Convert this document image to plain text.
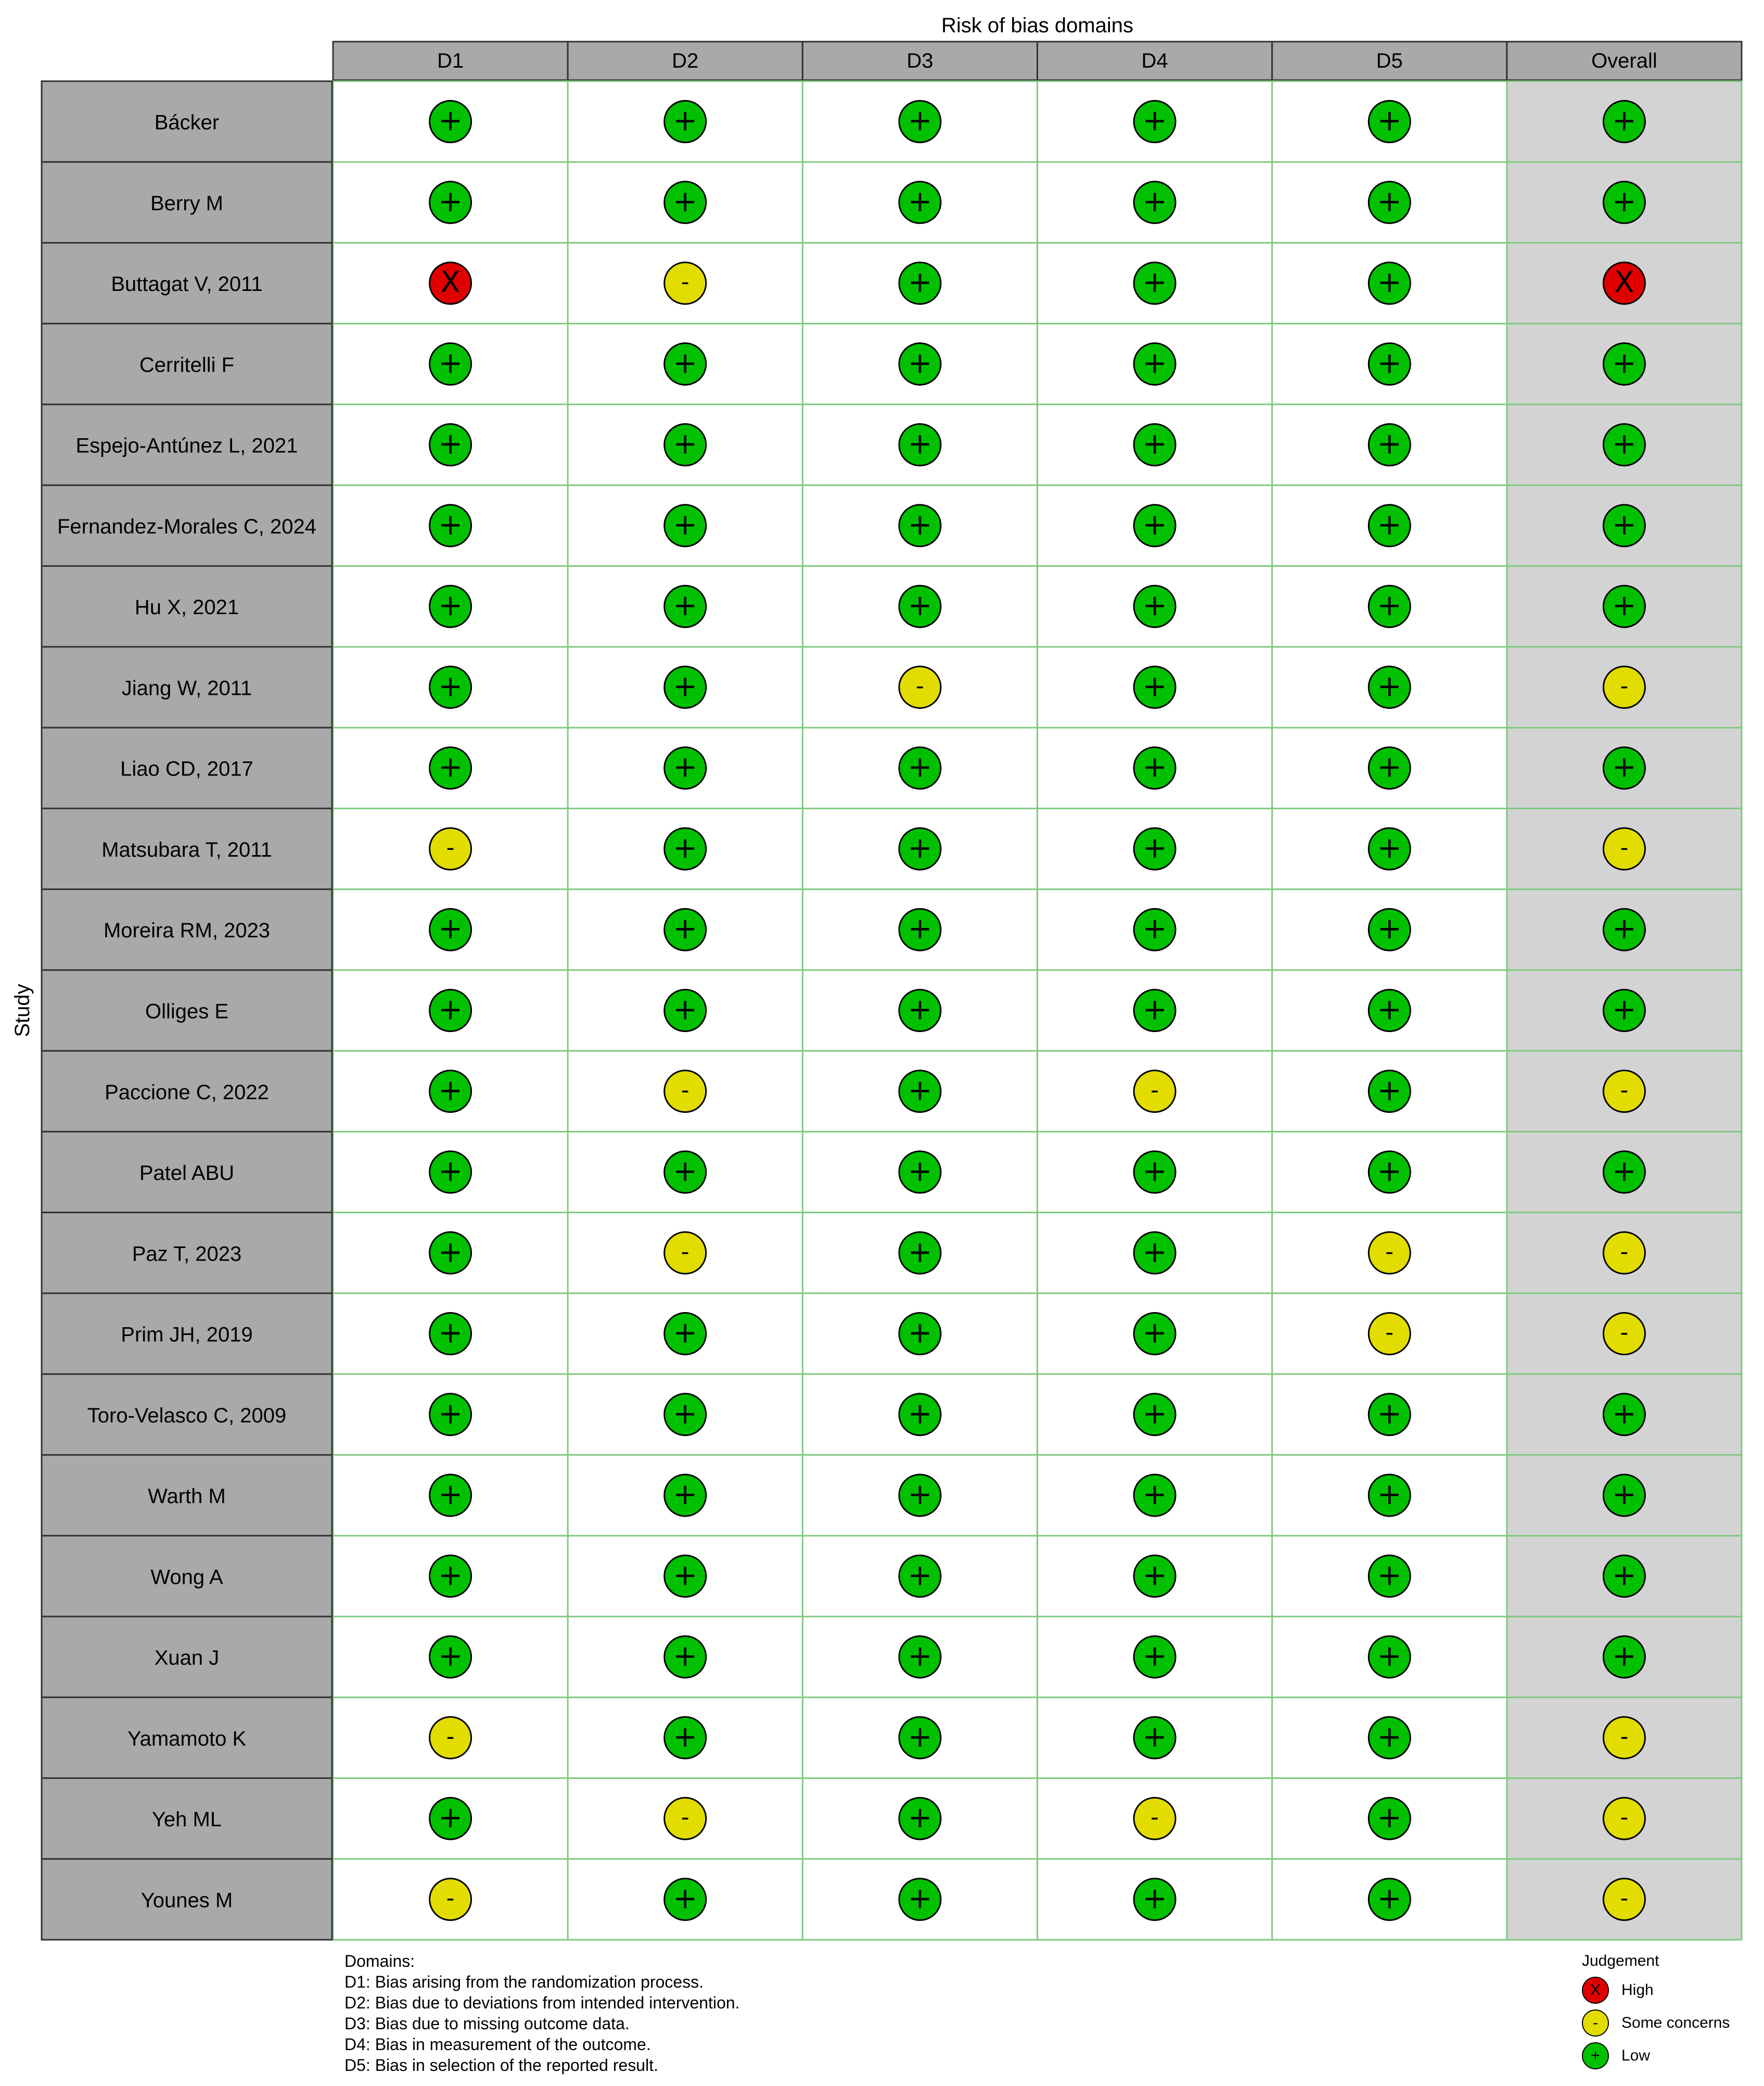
Risk of bias domains
Study
D1	D2	D3	D4	D5	Overall
Bácker	+	+	+	+	+	+
Berry M	+	+	+	+	+	+
Buttagat V, 2011	X	-	+	+	+	X
Cerritelli F	+	+	+	+	+	+
Espejo-Antúnez L, 2021	+	+	+	+	+	+
Fernandez-Morales C, 2024	+	+	+	+	+	+
Hu X, 2021	+	+	+	+	+	+
Jiang W, 2011	+	+	-	+	+	-
Liao CD, 2017	+	+	+	+	+	+
Matsubara T, 2011	-	+	+	+	+	-
Moreira RM, 2023	+	+	+	+	+	+
Olliges E	+	+	+	+	+	+
Paccione C, 2022	+	-	+	-	+	-
Patel ABU	+	+	+	+	+	+
Paz T, 2023	+	-	+	+	-	-
Prim JH, 2019	+	+	+	+	-	-
Toro-Velasco C, 2009	+	+	+	+	+	+
Warth M	+	+	+	+	+	+
Wong A	+	+	+	+	+	+
Xuan J	+	+	+	+	+	+
Yamamoto K	-	+	+	+	+	-
Yeh ML	+	-	+	-	+	-
Younes M	-	+	+	+	+	-
Domains:
D1: Bias arising from the randomization process.
D2: Bias due to deviations from intended intervention.
D3: Bias due to missing outcome data.
D4: Bias in measurement of the outcome.
D5: Bias in selection of the reported result.
Judgement
X	High
-	Some concerns
+	Low
